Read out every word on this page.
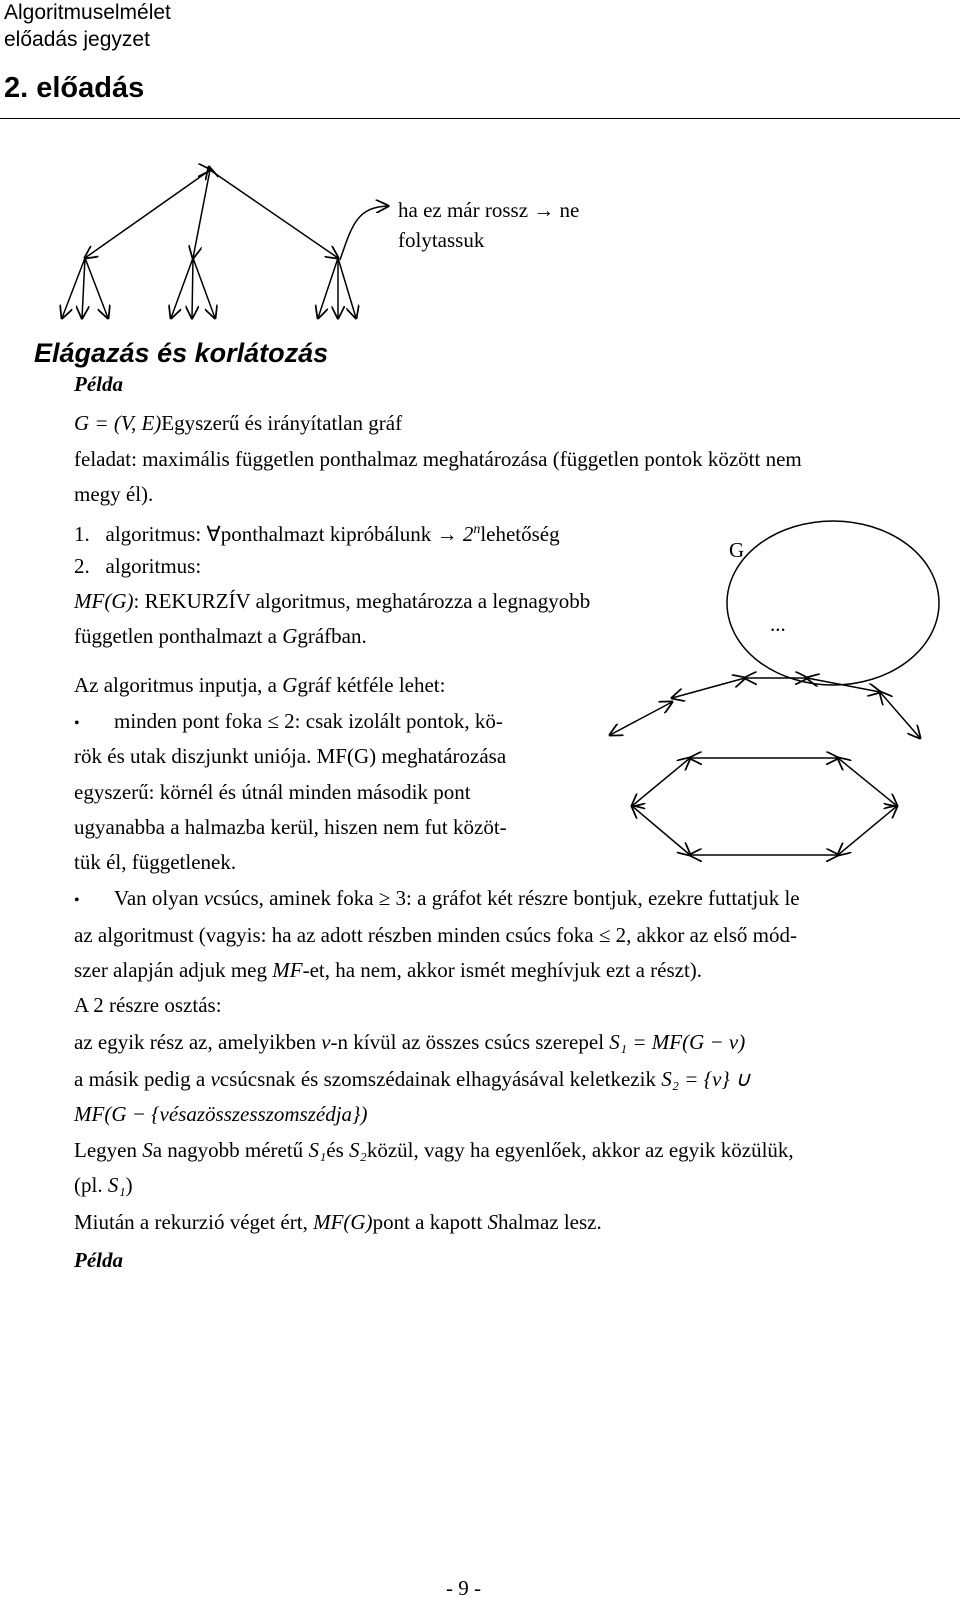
Algoritmuselmélet
előadás jegyzet
2. előadás
ha ez már rossz → ne
folytassuk
Elágazás és korlátozás
Példa
G = (V, E)Egyszerű és irányítatlan gráf
feladat: maximális független ponthalmaz meghatározása (független pontok között nem
megy él).
1. algoritmus: ∀ponthalmazt kipróbálunk → $2^nlehetőség$
2. algoritmus:
MF(G): REKURZÍV algoritmus, meghatározza a legnagyobb
független ponthalmazt a Ggráfban.
G
...
Az algoritmus inputja, a Ggráf kétféle lehet:
• minden pont foka ≤ 2: csak izolált pontok, kö-
rök és utak diszjunkt uniója. MF(G) meghatározása
egyszerű: körnél és útnál minden második pont
ugyanabba a halmazba kerül, hiszen nem fut közöt-
tük él, függetlenek.
• Van olyan vcsúcs, aminek foka ≥ 3: a gráfot két részre bontjuk, ezekre futtatjuk le
az algoritmust (vagyis: ha az adott részben minden csúcs foka ≤ 2, akkor az első mód-
szer alapján adjuk meg MF-et, ha nem, akkor ismét meghívjuk ezt a részt).
A 2 részre osztás:
az egyik rész az, amelyikben v-n kívül az összes csúcs szerepel S₁ = MF(G − v)
a másik pedig a vcsúcsnak és szomszédainak elhagyásával keletkezik S₂ = {v} ∪
MF(G − {vésazösszesszomszédja})
Legyen Sa nagyobb méretű S₁és S₂közül, vagy ha egyenlőek, akkor az egyik közülük,
(pl. S₁)
Miután a rekurzió véget ért, MF(G)pont a kapott Shalmaz lesz.
Példa
- 9 -
